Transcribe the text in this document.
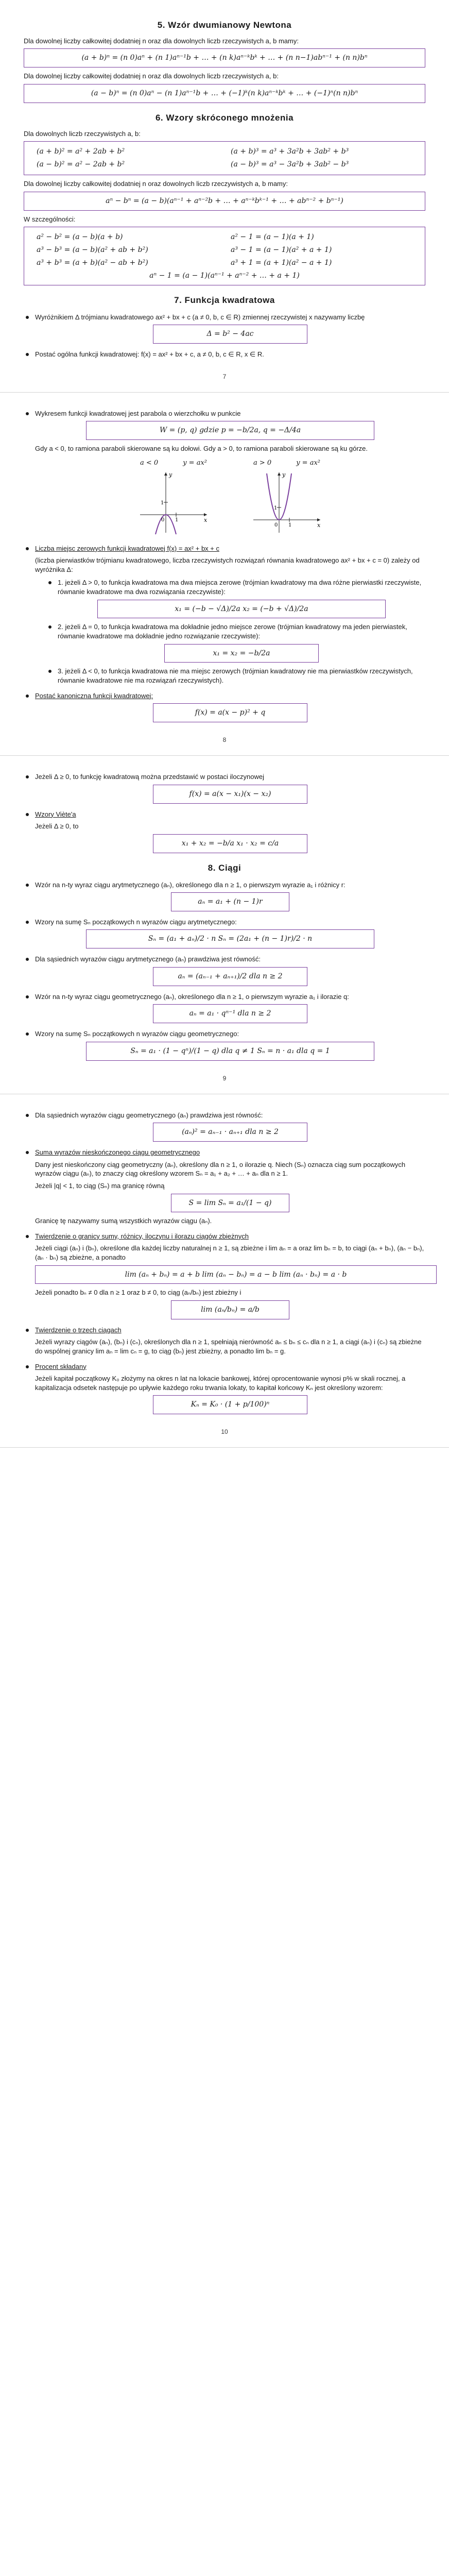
5. Wzór dwumianowy Newtona

Dla dowolnej liczby całkowitej dodatniej n oraz dla dowolnych liczb rzeczywistych a, b mamy:

(a + b)ⁿ = (n 0)aⁿ + (n 1)aⁿ⁻¹b + … + (n k)aⁿ⁻ᵏbᵏ + … + (n n−1)abⁿ⁻¹ + (n n)bⁿ

Dla dowolnej liczby całkowitej dodatniej n oraz dla dowolnych liczb rzeczywistych a, b:

(a − b)ⁿ = (n 0)aⁿ − (n 1)aⁿ⁻¹b + … + (−1)ᵏ(n k)aⁿ⁻ᵏbᵏ + … + (−1)ⁿ(n n)bⁿ
6. Wzory skróconego mnożenia

Dla dowolnych liczb rzeczywistych a, b:

(a + b)² = a² + 2ab + b²	(a + b)³ = a³ + 3a²b + 3ab² + b³
(a − b)² = a² − 2ab + b²	(a − b)³ = a³ − 3a²b + 3ab² − b³

Dla dowolnej liczby całkowitej dodatniej n oraz dowolnych liczb rzeczywistych a, b mamy:

aⁿ − bⁿ = (a − b)(aⁿ⁻¹ + aⁿ⁻²b + … + aⁿ⁻ᵏbᵏ⁻¹ + … + abⁿ⁻² + bⁿ⁻¹)

W szczególności:

a² − b² = (a − b)(a + b)	a² − 1 = (a − 1)(a + 1)
a³ − b³ = (a − b)(a² + ab + b²)	a³ − 1 = (a − 1)(a² + a + 1)
a³ + b³ = (a + b)(a² − ab + b²)	a³ + 1 = (a + 1)(a² − a + 1)
aⁿ − 1 = (a − 1)(aⁿ⁻¹ + aⁿ⁻² + … + a + 1)
7. Funkcja kwadratowa
Wyróżnikiem Δ trójmianu kwadratowego ax² + bx + c (a ≠ 0, b, c ∈ R) zmiennej rzeczywistej x nazywamy liczbę
Δ = b² − 4ac
Postać ogólna funkcji kwadratowej: f(x) = ax² + bx + c, a ≠ 0, b, c ∈ R, x ∈ R.
7
Wykresem funkcji kwadratowej jest parabola o wierzchołku w punkcie
W = (p, q) gdzie p = −b/2a, q = −Δ/4a

Gdy a < 0, to ramiona paraboli skierowane są ku dołowi. Gdy a > 0, to ramiona paraboli skierowane są ku górze.

a < 0	y = ax²
1
0 1	x
y
a > 0	y = ax²
1
0 1	x
y
Liczba miejsc zerowych funkcji kwadratowej f(x) = ax² + bx + c

(liczba pierwiastków trójmianu kwadratowego, liczba rzeczywistych rozwiązań równania kwadratowego ax² + bx + c = 0) zależy od wyróżnika Δ:

1. jeżeli Δ > 0, to funkcja kwadratowa ma dwa miejsca zerowe (trójmian kwadratowy ma dwa różne pierwiastki rzeczywiste, równanie kwadratowe ma dwa rozwiązania rzeczywiste):
x₁ = (−b − √Δ)/2a x₂ = (−b + √Δ)/2a
2. jeżeli Δ = 0, to funkcja kwadratowa ma dokładnie jedno miejsce zerowe (trójmian kwadratowy ma jeden pierwiastek, równanie kwadratowe ma dokładnie jedno rozwiązanie rzeczywiste):
x₁ = x₂ = −b/2a
3. jeżeli Δ < 0, to funkcja kwadratowa nie ma miejsc zerowych (trójmian kwadratowy nie ma pierwiastków rzeczywistych, równanie kwadratowe nie ma rozwiązań rzeczywistych).
Postać kanoniczna funkcji kwadratowej:
f(x) = a(x − p)² + q
8
Jeżeli Δ ≥ 0, to funkcję kwadratową można przedstawić w postaci iloczynowej
f(x) = a(x − x₁)(x − x₂)
Wzory Viète'a

Jeżeli Δ ≥ 0, to

x₁ + x₂ = −b/a x₁ · x₂ = c/a
8. Ciągi
Wzór na n-ty wyraz ciągu arytmetycznego (aₙ), określonego dla n ≥ 1, o pierwszym wyrazie a₁ i różnicy r:
aₙ = a₁ + (n − 1)r
Wzory na sumę Sₙ początkowych n wyrazów ciągu arytmetycznego:
Sₙ = (a₁ + aₙ)/2 · n Sₙ = (2a₁ + (n − 1)r)/2 · n
Dla sąsiednich wyrazów ciągu arytmetycznego (aₙ) prawdziwa jest równość:
aₙ = (aₙ₋₁ + aₙ₊₁)/2 dla n ≥ 2
Wzór na n-ty wyraz ciągu geometrycznego (aₙ), określonego dla n ≥ 1, o pierwszym wyrazie a₁ i ilorazie q:
aₙ = a₁ · qⁿ⁻¹ dla n ≥ 2
Wzory na sumę Sₙ początkowych n wyrazów ciągu geometrycznego:
Sₙ = a₁ · (1 − qⁿ)/(1 − q) dla q ≠ 1 Sₙ = n · a₁ dla q = 1
9
Dla sąsiednich wyrazów ciągu geometrycznego (aₙ) prawdziwa jest równość:
(aₙ)² = aₙ₋₁ · aₙ₊₁ dla n ≥ 2
Suma wyrazów nieskończonego ciągu geometrycznego

Dany jest nieskończony ciąg geometryczny (aₙ), określony dla n ≥ 1, o ilorazie q. Niech (Sₙ) oznacza ciąg sum początkowych wyrazów ciągu (aₙ), to znaczy ciąg określony wzorem Sₙ = a₁ + a₂ + … + aₙ dla n ≥ 1.

Jeżeli |q| < 1, to ciąg (Sₙ) ma granicę równą

S = lim Sₙ = a₁/(1 − q)

Granicę tę nazywamy sumą wszystkich wyrazów ciągu (aₙ).

Twierdzenie o granicy sumy, różnicy, iloczynu i ilorazu ciągów zbieżnych

Jeżeli ciągi (aₙ) i (bₙ), określone dla każdej liczby naturalnej n ≥ 1, są zbieżne i lim aₙ = a oraz lim bₙ = b, to ciągi (aₙ + bₙ), (aₙ − bₙ), (aₙ · bₙ) są zbieżne, a ponadto

lim (aₙ + bₙ) = a + b lim (aₙ − bₙ) = a − b lim (aₙ · bₙ) = a · b

Jeżeli ponadto bₙ ≠ 0 dla n ≥ 1 oraz b ≠ 0, to ciąg (aₙ/bₙ) jest zbieżny i

lim (aₙ/bₙ) = a/b
Twierdzenie o trzech ciągach

Jeżeli wyrazy ciągów (aₙ), (bₙ) i (cₙ), określonych dla n ≥ 1, spełniają nierówność aₙ ≤ bₙ ≤ cₙ dla n ≥ 1, a ciągi (aₙ) i (cₙ) są zbieżne do wspólnej granicy lim aₙ = lim cₙ = g, to ciąg (bₙ) jest zbieżny, a ponadto lim bₙ = g.

Procent składany

Jeżeli kapitał początkowy K₀ złożymy na okres n lat na lokacie bankowej, której oprocentowanie wynosi p% w skali rocznej, a kapitalizacja odsetek następuje po upływie każdego roku trwania lokaty, to kapitał końcowy Kₙ jest określony wzorem:

Kₙ = K₀ · (1 + p/100)ⁿ
10
